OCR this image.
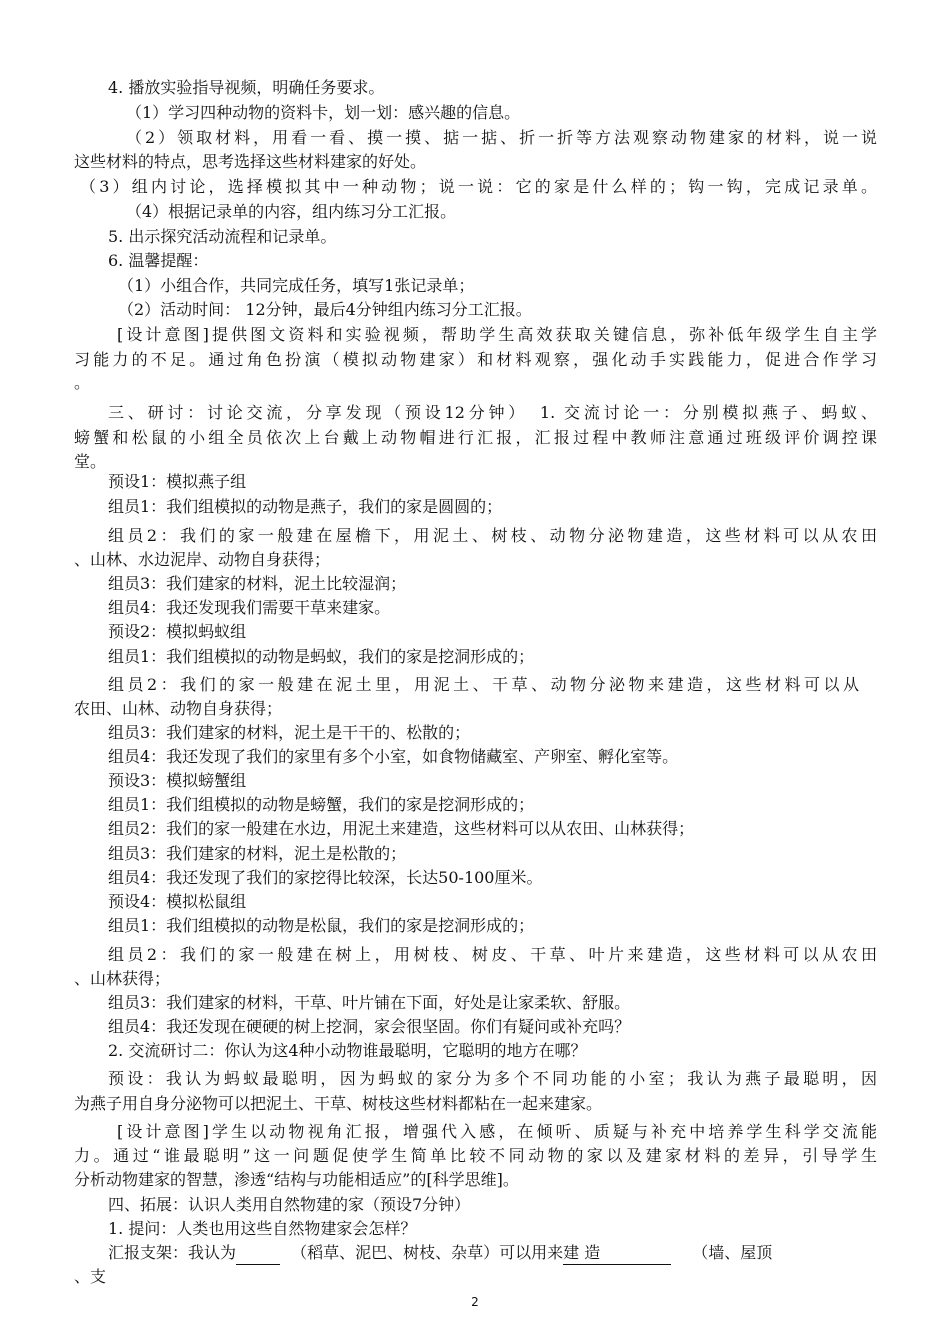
4. 播放实验指导视频，明确任务要求。
（1）学习四种动物的资料卡，划一划：感兴趣的信息。
（2）领取材料，用看一看、摸一摸、掂一掂、折一折等方法观察动物建家的材料，说一说
这些材料的特点，思考选择这些材料建家的好处。
（3）组内讨论，选择模拟其中一种动物；说一说：它的家是什么样的；钩一钩，完成记录单。
（4）根据记录单的内容，组内练习分工汇报。
5. 出示探究活动流程和记录单。
6. 温馨提醒：
（1）小组合作，共同完成任务，填写1张记录单；
（2）活动时间： 12分钟，最后4分钟组内练习分工汇报。
[设计意图]提供图文资料和实验视频，帮助学生高效获取关键信息，弥补低年级学生自主学
习能力的不足。通过角色扮演（模拟动物建家）和材料观察，强化动手实践能力，促进合作学习
。
三、研讨：讨论交流，分享发现（预设12分钟）　1. 交流讨论一：分别模拟燕子、蚂蚁、
螃蟹和松鼠的小组全员依次上台戴上动物帽进行汇报，汇报过程中教师注意通过班级评价调控课
堂。
预设1：模拟燕子组
组员1：我们组模拟的动物是燕子，我们的家是圆圆的；
组员2：我们的家一般建在屋檐下，用泥土、树枝、动物分泌物建造，这些材料可以从农田
、山林、水边泥岸、动物自身获得；
组员3：我们建家的材料，泥土比较湿润；
组员4：我还发现我们需要干草来建家。
预设2：模拟蚂蚁组
组员1：我们组模拟的动物是蚂蚁，我们的家是挖洞形成的；
组员2：我们的家一般建在泥土里，用泥土、干草、动物分泌物来建造，这些材料可以从
农田、山林、动物自身获得；
组员3：我们建家的材料，泥土是干干的、松散的；
组员4：我还发现了我们的家里有多个小室，如食物储藏室、产卵室、孵化室等。
预设3：模拟螃蟹组
组员1：我们组模拟的动物是螃蟹，我们的家是挖洞形成的；
组员2：我们的家一般建在水边，用泥土来建造，这些材料可以从农田、山林获得；
组员3：我们建家的材料，泥土是松散的；
组员4：我还发现了我们的家挖得比较深，长达50-100厘米。
预设4：模拟松鼠组
组员1：我们组模拟的动物是松鼠，我们的家是挖洞形成的；
组员2：我们的家一般建在树上，用树枝、树皮、干草、叶片来建造，这些材料可以从农田
、山林获得；
组员3：我们建家的材料，干草、叶片铺在下面，好处是让家柔软、舒服。
组员4：我还发现在硬硬的树上挖洞，家会很坚固。你们有疑问或补充吗？
2. 交流研讨二：你认为这4种小动物谁最聪明，它聪明的地方在哪？
预设：我认为蚂蚁最聪明，因为蚂蚁的家分为多个不同功能的小室；我认为燕子最聪明，因
为燕子用自身分泌物可以把泥土、干草、树枝这些材料都粘在一起来建家。
[设计意图]学生以动物视角汇报，增强代入感，在倾听、质疑与补充中培养学生科学交流能
力。通过“谁最聪明”这一问题促使学生简单比较不同动物的家以及建家材料的差异，引导学生
分析动物建家的智慧，渗透“结构与功能相适应”的[科学思维]。
四、拓展：认识人类用自然物建的家（预设7分钟）
1. 提问：人类也用这些自然物建家会怎样？
汇报支架：我认为	（稻草、泥巴、树枝、杂草）可以用来建 造	（墙、屋顶
、支
2
